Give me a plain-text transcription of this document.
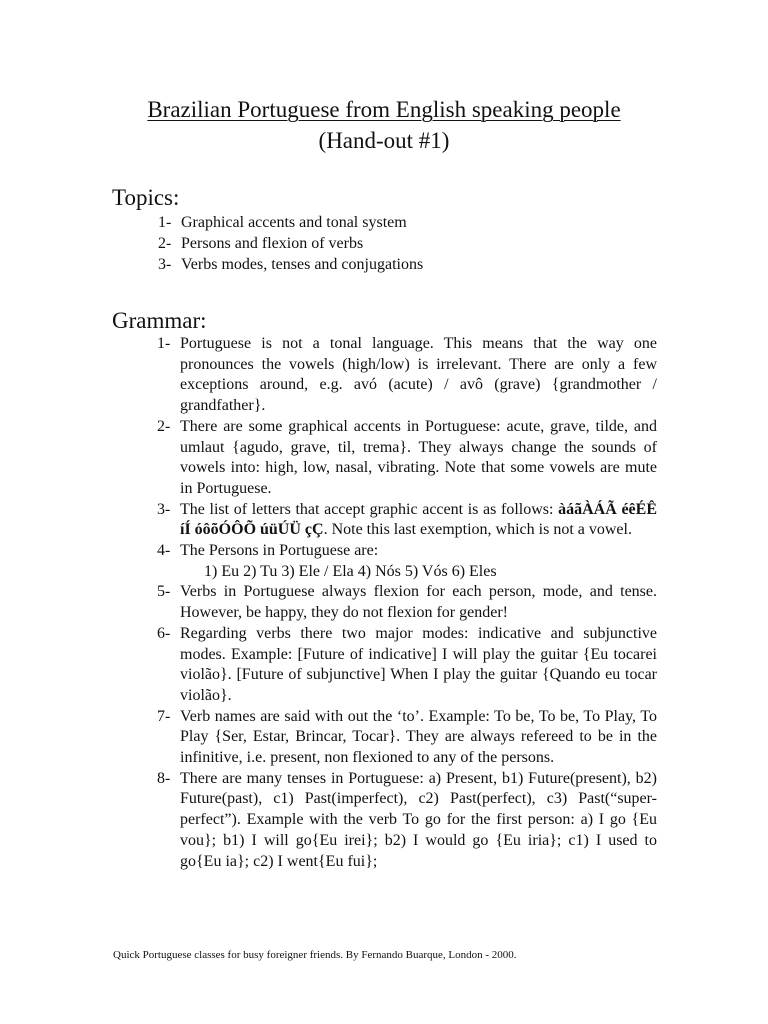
Brazilian Portuguese from English speaking people
(Hand-out #1)
Topics:
1- Graphical accents and tonal system
2- Persons and flexion of verbs
3- Verbs modes, tenses and conjugations
Grammar:
1- Portuguese is not a tonal language. This means that the way one pronounces the vowels (high/low) is irrelevant. There are only a few exceptions around, e.g. avó (acute) / avô (grave) {grandmother / grandfather}.
2- There are some graphical accents in Portuguese: acute, grave, tilde, and umlaut {agudo, grave, til, trema}. They always change the sounds of vowels into: high, low, nasal, vibrating. Note that some vowels are mute in Portuguese.
3- The list of letters that accept graphic accent is as follows: àáãÀÁÃ éêÉÊ íÍ óôõÓÔÕ úüÚÜ çÇ. Note this last exemption, which is not a vowel.
4- The Persons in Portuguese are:
1) Eu 2) Tu 3) Ele / Ela 4) Nós 5) Vós 6) Eles
5- Verbs in Portuguese always flexion for each person, mode, and tense. However, be happy, they do not flexion for gender!
6- Regarding verbs there two major modes: indicative and subjunctive modes. Example: [Future of indicative] I will play the guitar {Eu tocarei violão}. [Future of subjunctive] When I play the guitar {Quando eu tocar violão}.
7- Verb names are said with out the ‘to’. Example: To be, To be, To Play, To Play {Ser, Estar, Brincar, Tocar}. They are always refereed to be in the infinitive, i.e. present, non flexioned to any of the persons.
8- There are many tenses in Portuguese: a) Present, b1) Future(present), b2) Future(past), c1) Past(imperfect), c2) Past(perfect), c3) Past(“super-perfect”). Example with the verb To go for the first person: a) I go {Eu vou}; b1) I will go{Eu irei}; b2) I would go {Eu iria}; c1) I used to go{Eu ia}; c2) I went{Eu fui};
Quick Portuguese classes for busy foreigner friends. By Fernando Buarque, London - 2000.
